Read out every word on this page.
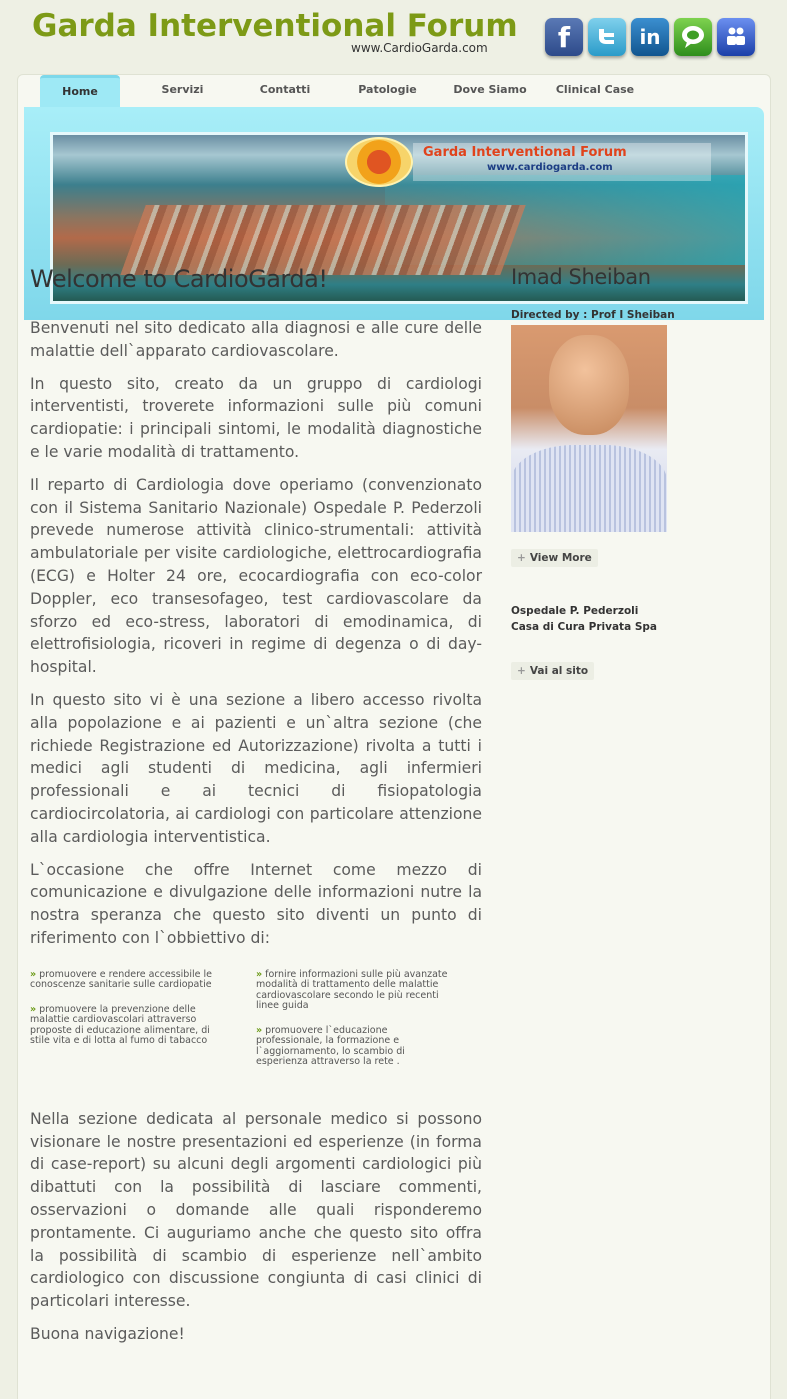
Garda Interventional Forum
www.CardioGarda.com	f	in
Home	Servizi	Contatti	Patologie	Dove Siamo	Clinical Case
Garda Interventional Forum
www.cardiogarda.com
Welcome to CardioGarda!

Benvenuti nel sito dedicato alla diagnosi e alle cure delle malattie dell`apparato cardiovascolare.

In questo sito, creato da un gruppo di cardiologi interventisti, troverete informazioni sulle più comuni cardiopatie: i principali sintomi, le modalità diagnostiche e le varie modalità di trattamento.

Il reparto di Cardiologia dove operiamo (convenzionato con il Sistema Sanitario Nazionale) Ospedale P. Pederzoli prevede numerose attività clinico-strumentali: attività ambulatoriale per visite cardiologiche, elettrocardiografia (ECG) e Holter 24 ore, ecocardiografia con eco-color Doppler, eco transesofageo, test cardiovascolare da sforzo ed eco-stress, laboratori di emodinamica, di elettrofisiologia, ricoveri in regime di degenza o di day-hospital.

In questo sito vi è una sezione a libero accesso rivolta alla popolazione e ai pazienti e un`altra sezione (che richiede Registrazione ed Autorizzazione) rivolta a tutti i medici agli studenti di medicina, agli infermieri professionali e ai tecnici di fisiopatologia cardiocircolatoria, ai cardiologi con particolare attenzione alla cardiologia interventistica.

L`occasione che offre Internet come mezzo di comunicazione e divulgazione delle informazioni nutre la nostra speranza che questo sito diventi un punto di riferimento con l`obbiettivo di:

» promuovere e rendere accessibile le conoscenze sanitarie sulle cardiopatie
» promuovere la prevenzione delle malattie cardiovascolari attraverso proposte di educazione alimentare, di stile vita e di lotta al fumo di tabacco
» fornire informazioni sulle più avanzate modalità di trattamento delle malattie cardiovascolare secondo le più recenti linee guida
» promuovere l`educazione professionale, la formazione e l`aggiornamento, lo scambio di esperienza attraverso la rete .

Nella sezione dedicata al personale medico si possono visionare le nostre presentazioni ed esperienze (in forma di case-report) su alcuni degli argomenti cardiologici più dibattuti con la possibilità di lasciare commenti, osservazioni o domande alle quali risponderemo prontamente. Ci auguriamo anche che questo sito offra la possibilità di scambio di esperienze nell`ambito cardiologico con discussione congiunta di casi clinici di particolari interesse.

Buona navigazione!

Imad Sheiban
Directed by : Prof I Sheiban
+ View More
Ospedale P. Pederzoli
Casa di Cura Privata Spa
+ Vai al sito
